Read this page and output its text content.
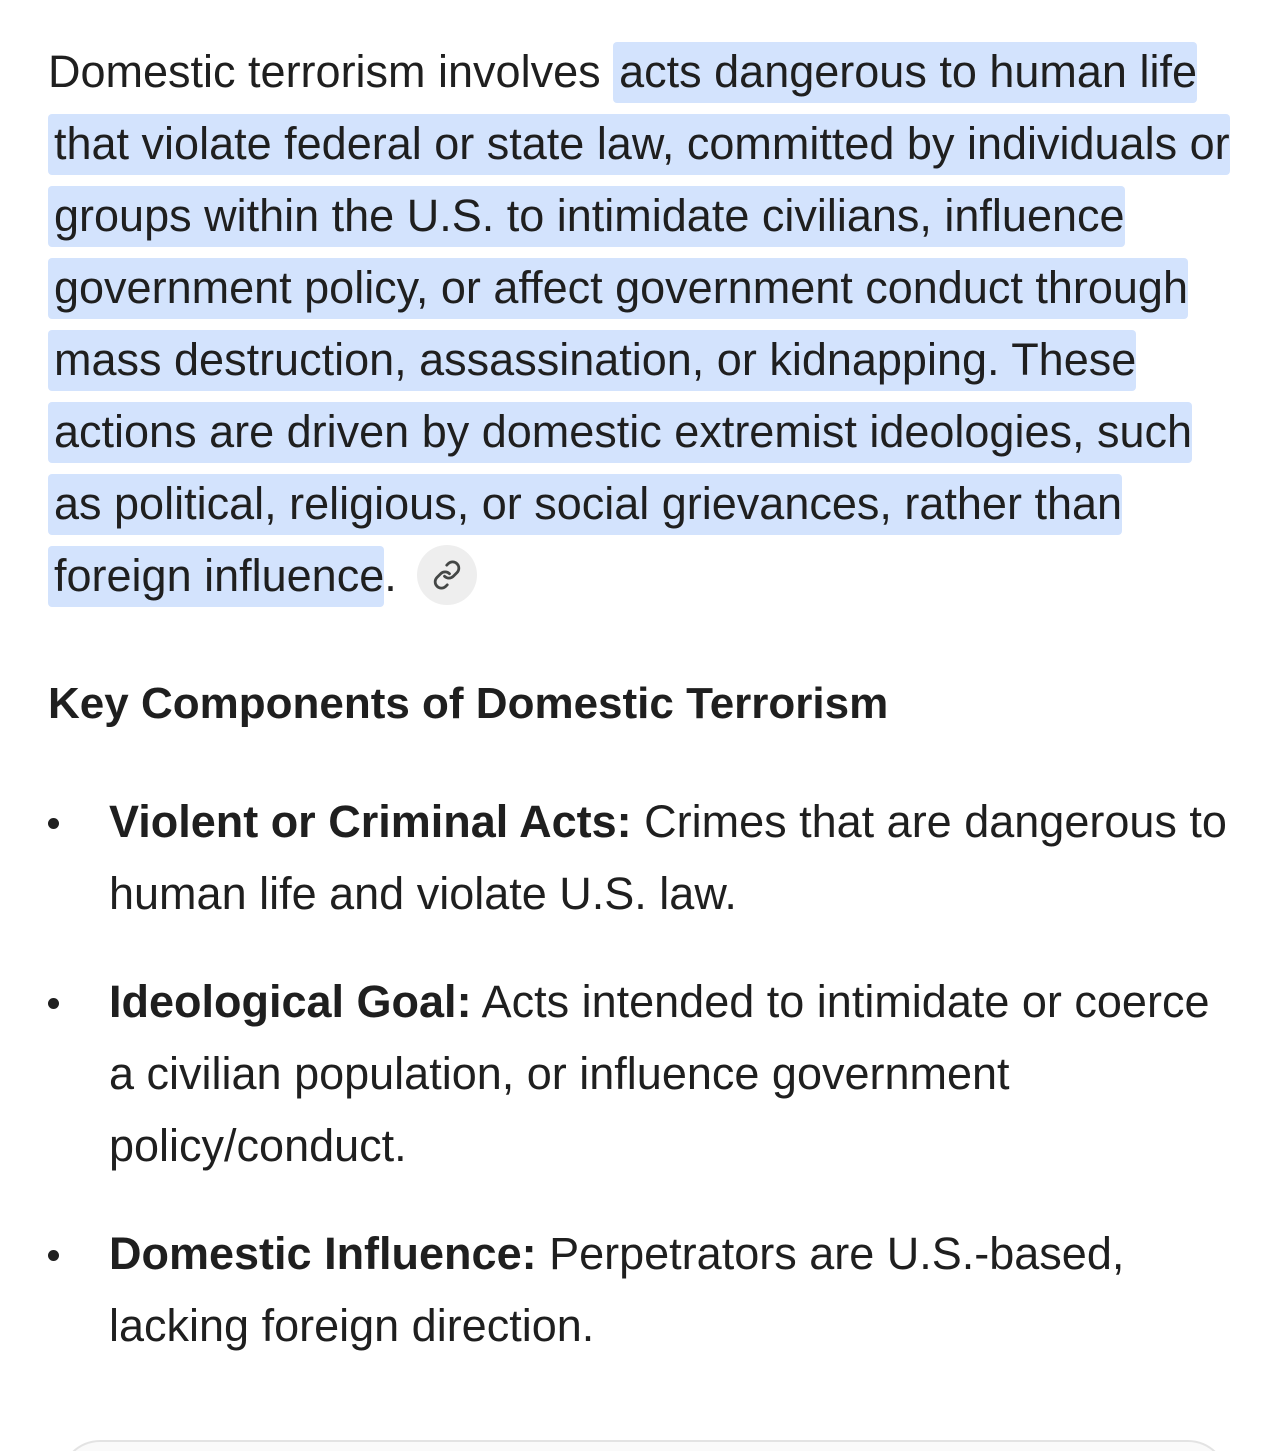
Domestic terrorism involves acts dangerous to human life that violate federal or state law, committed by individuals or groups within the U.S. to intimidate civilians, influence government policy, or affect government conduct through mass destruction, assassination, or kidnapping. These actions are driven by domestic extremist ideologies, such as political, religious, or social grievances, rather than foreign influence.

Key Components of Domestic Terrorism
Violent or Criminal Acts: Crimes that are dangerous to human life and violate U.S. law.
Ideological Goal: Acts intended to intimidate or coerce a civilian population, or influence government policy/conduct.
Domestic Influence: Perpetrators are U.S.-based, lacking foreign direction.
